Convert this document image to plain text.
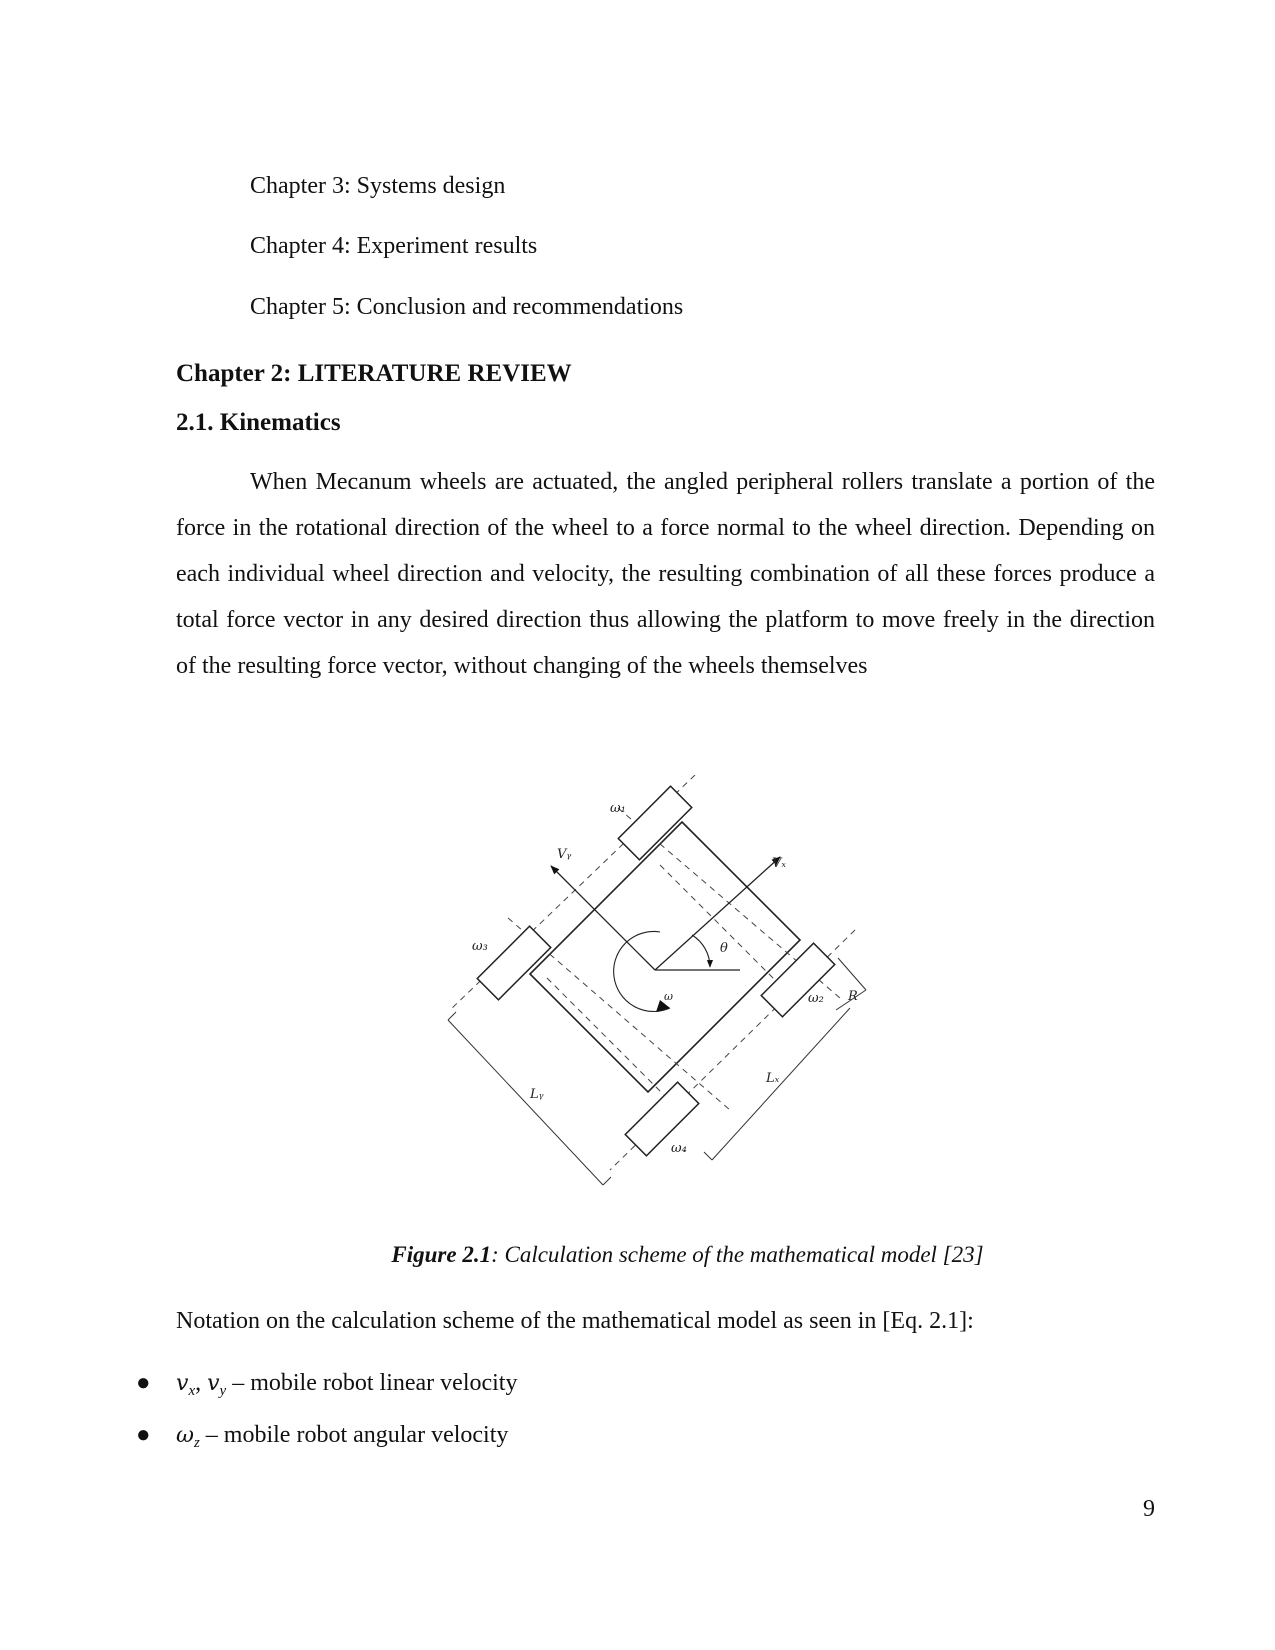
Chapter 3: Systems design
Chapter 4: Experiment results
Chapter 5: Conclusion and recommendations
Chapter 2: LITERATURE REVIEW
2.1. Kinematics

When Mecanum wheels are actuated, the angled peripheral rollers translate a portion of the force in the rotational direction of the wheel to a force normal to the wheel direction. Depending on each individual wheel direction and velocity, the resulting combination of all these forces produce a total force vector in any desired direction thus allowing the platform to move freely in the direction of the resulting force vector, without changing of the wheels themselves

ω₁
ω₂
ω₃
ω₄
Vₓ
Vᵧ
θ
ω	R
Lₓ
Lᵧ
Figure 2.1: Calculation scheme of the mathematical model [23]
Notation on the calculation scheme of the mathematical model as seen in [Eq. 2.1]:
● $v_x$, $v_y$ – mobile robot linear velocity
● $\omega_z$ – mobile robot angular velocity
9
